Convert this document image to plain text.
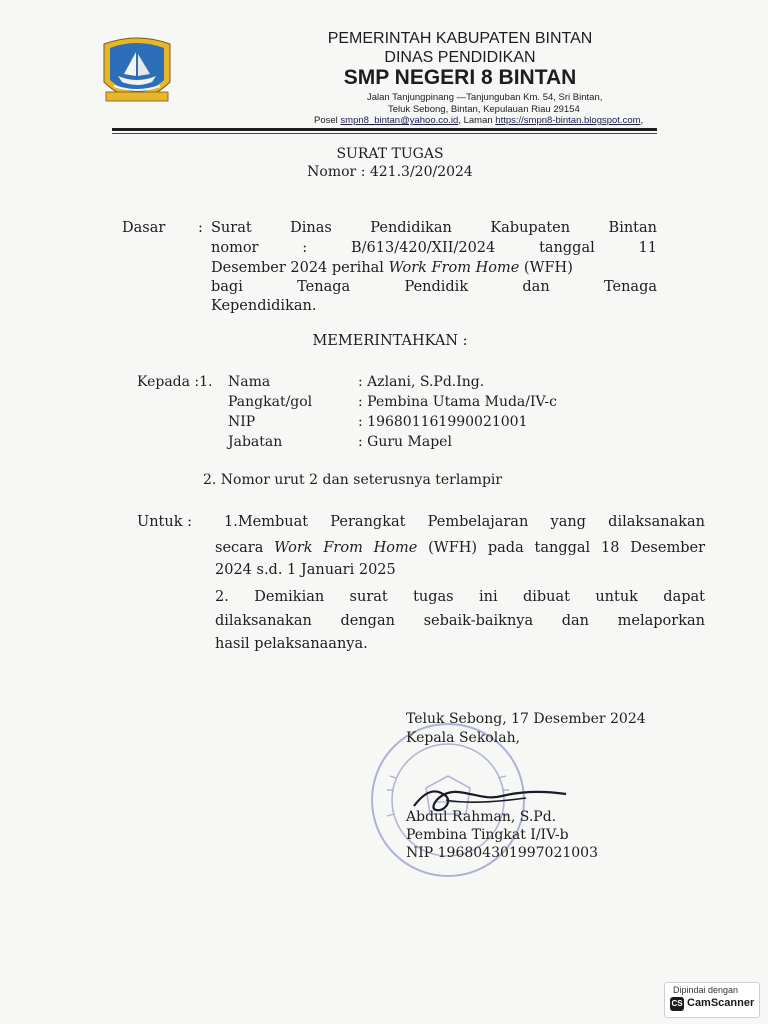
PEMERINTAH KABUPATEN BINTAN
DINAS PENDIDIKAN
SMP NEGERI 8 BINTAN
Jalan Tanjungpinang —Tanjunguban Km. 54, Sri Bintan,
Teluk Sebong, Bintan, Kepulauan Riau 29154
Posel smpn8_bintan@yahoo.co.id, Laman https://smpn8-bintan.blogspot.com,
SURAT TUGAS
Nomor : 421.3/20/2024
Dasar : Surat Dinas Pendidikan Kabupaten Bintan
nomor : B/613/420/XII/2024 tanggal 11
Desember 2024 perihal Work From Home (WFH)
bagi Tenaga Pendidik dan Tenaga
Kependidikan.
MEMERINTAHKAN :
Kepada :1. Nama	: Azlani, S.Pd.Ing.
Pangkat/gol	: Pembina Utama Muda/IV-c
NIP	: 196801161990021001
Jabatan	: Guru Mapel
2. Nomor urut 2 dan seterusnya terlampir
Untuk : 1.Membuat Perangkat Pembelajaran yang dilaksanakan
secara Work From Home (WFH) pada tanggal 18 Desember
2024 s.d. 1 Januari 2025
2. Demikian surat tugas ini dibuat untuk dapat
dilaksanakan dengan sebaik-baiknya dan melaporkan
hasil pelaksanaanya.
Teluk Sebong, 17 Desember 2024
Kepala Sekolah,
Abdul Rahman, S.Pd.
Pembina Tingkat I/IV-b
NIP 196804301997021003
Dipindai dengan
CS CamScanner
